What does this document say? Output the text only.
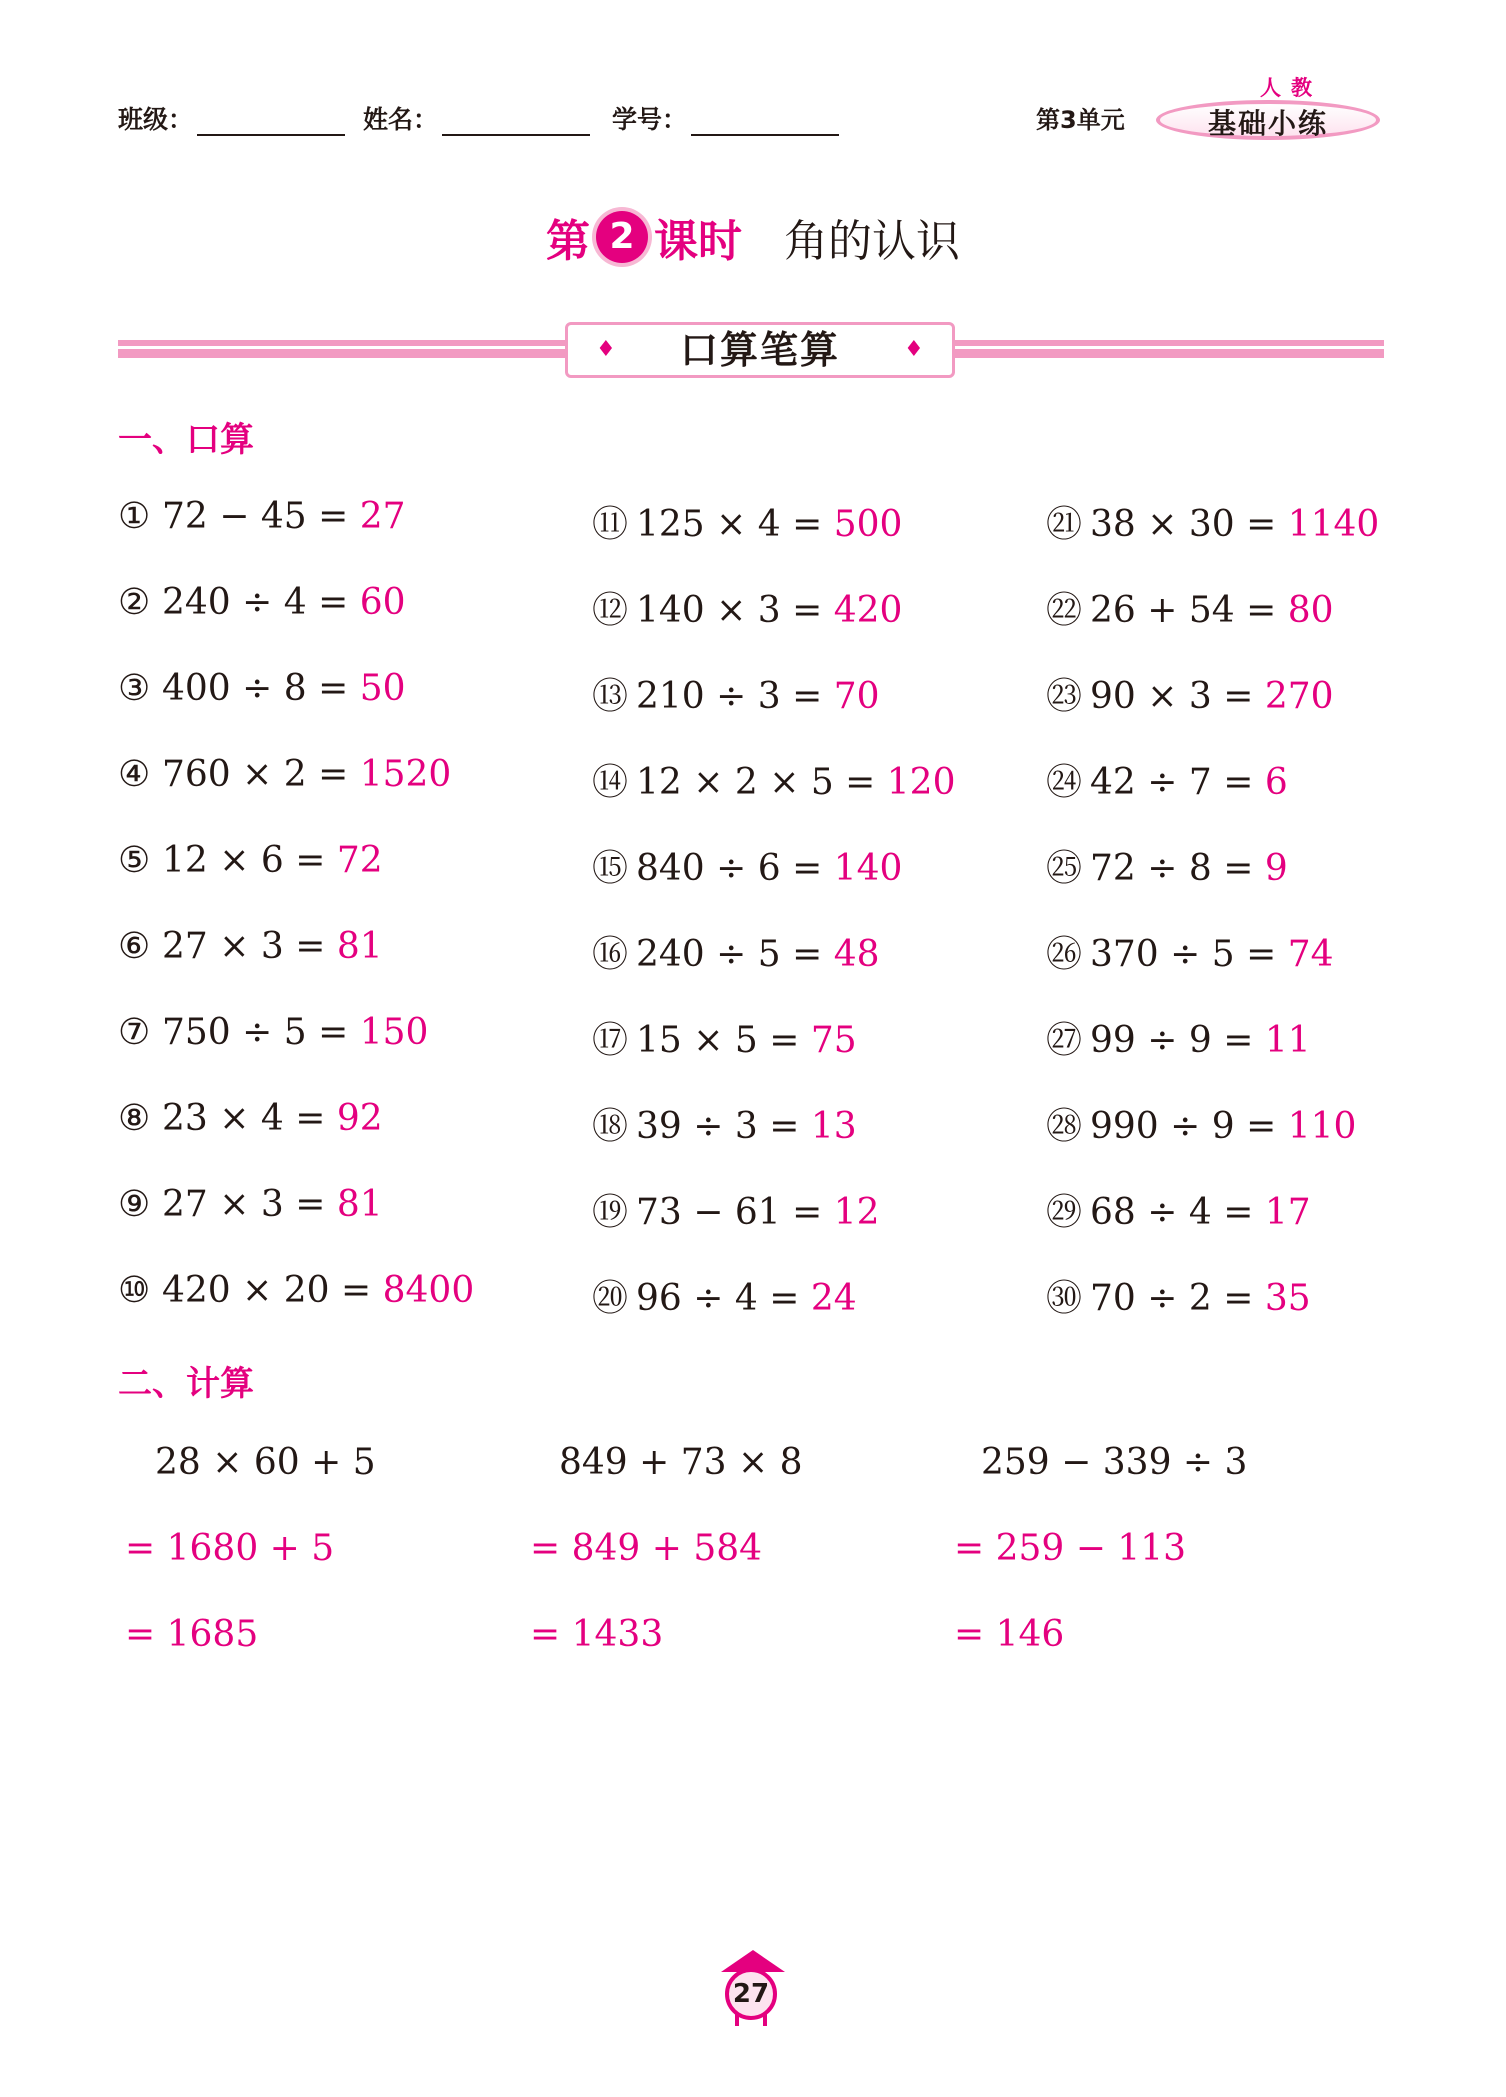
班级：	姓名：	学号：	第3单元
人教
基础小练
第 2 课时 角的认识
♦ 口算笔算	♦
一、口算
① 72 − 45 = 27
② 240 ÷ 4 = 60
③ 400 ÷ 8 = 50
④ 760 × 2 = 1520
⑤ 12 × 6 = 72
⑥ 27 × 3 = 81
⑦ 750 ÷ 5 = 150
⑧ 23 × 4 = 92
⑨ 27 × 3 = 81
⑩ 420 × 20 = 8400
⑪ 125 × 4 = 500
⑫ 140 × 3 = 420
⑬ 210 ÷ 3 = 70
⑭ 12 × 2 × 5 = 120
⑮ 840 ÷ 6 = 140
⑯ 240 ÷ 5 = 48
⑰ 15 × 5 = 75
⑱ 39 ÷ 3 = 13
⑲ 73 − 61 = 12
⑳ 96 ÷ 4 = 24
㉑ 38 × 30 = 1140
㉒ 26 + 54 = 80
㉓ 90 × 3 = 270
㉔ 42 ÷ 7 = 6
㉕ 72 ÷ 8 = 9
㉖ 370 ÷ 5 = 74
㉗ 99 ÷ 9 = 11
㉘ 990 ÷ 9 = 110
㉙ 68 ÷ 4 = 17
㉚ 70 ÷ 2 = 35
二、计算
28 × 60 + 5
= 1680 + 5
= 1685
849 + 73 × 8
= 849 + 584
= 1433
259 − 339 ÷ 3
= 259 − 113
= 146
27
